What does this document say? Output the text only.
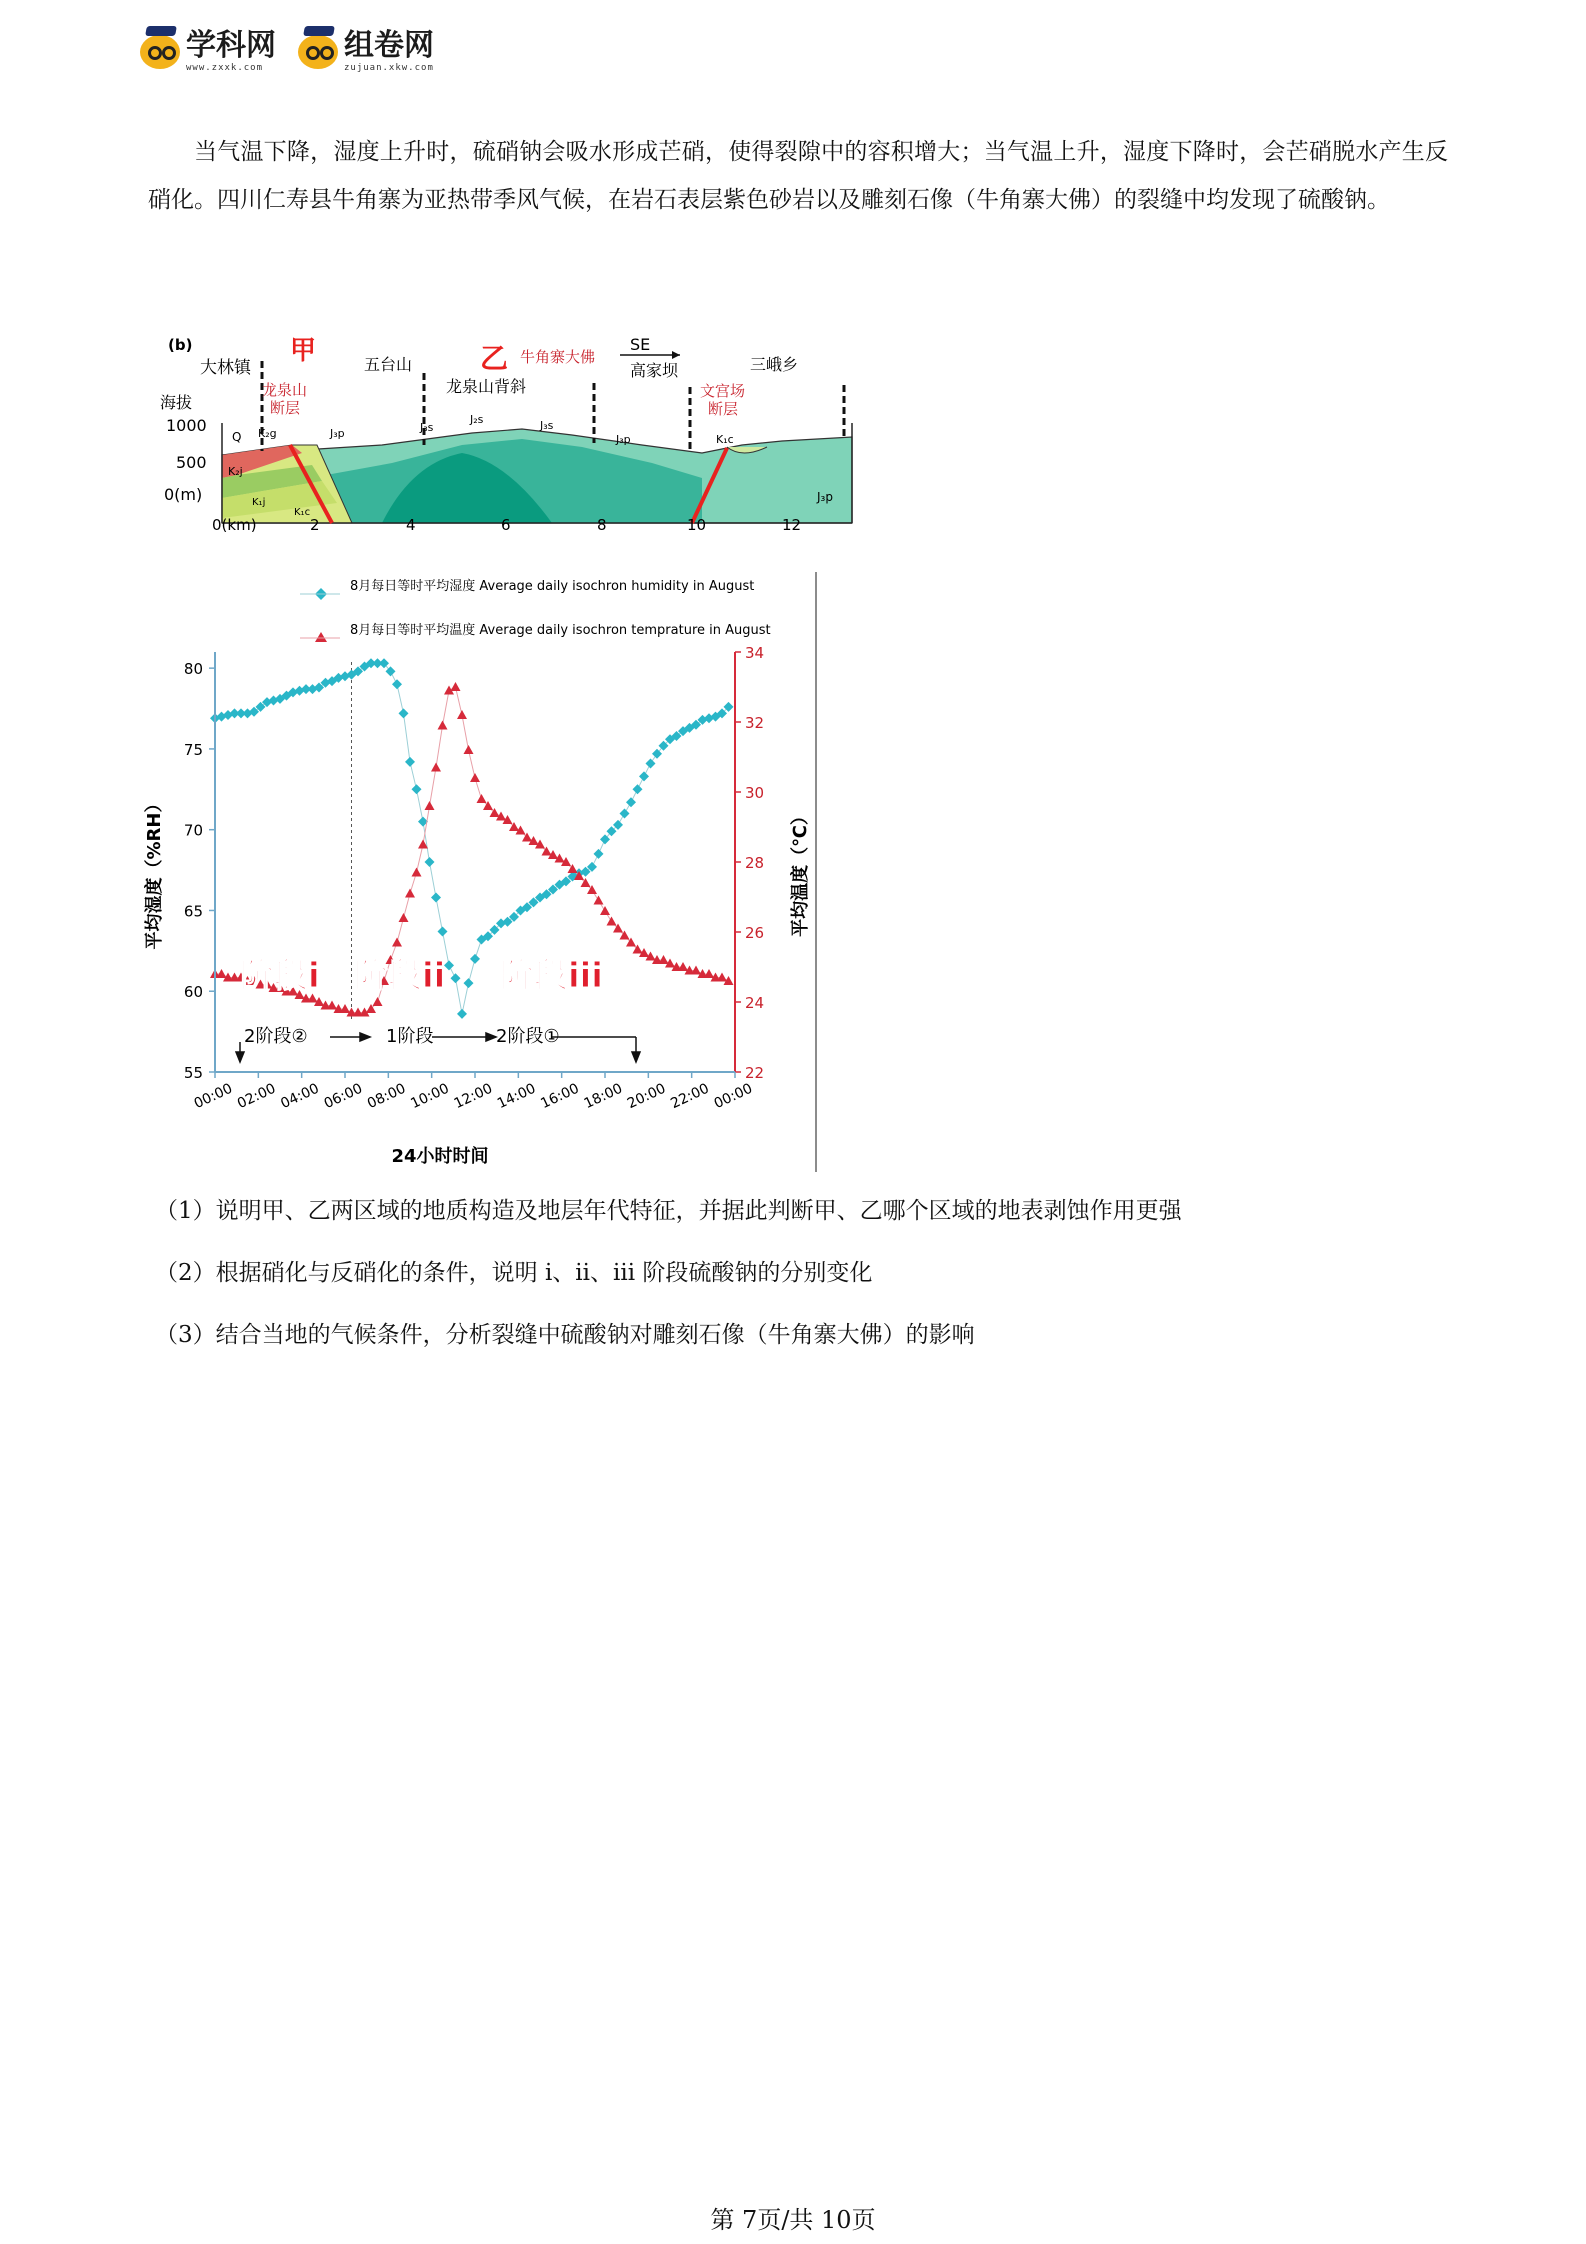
学科网
www.zxxk.com
组卷网
zujuan.xkw.com

当气温下降，湿度上升时，硫硝钠会吸水形成芒硝，使得裂隙中的容积增大；当气温上升，湿度下降时，会芒硝脱水产生反硝化。四川仁寿县牛角寨为亚热带季风气候，在岩石表层紫色砂岩以及雕刻石像（牛角寨大佛）的裂缝中均发现了硫酸钠。

Q K₂g
K₂j
K₁j
K₁c
J₃p	J₃s
J₂s	J₃s
J₃p	K₁c
J₃p
(b)
大林镇
甲
龙泉山
断层
海拔
五台山 乙 牛角寨大佛
龙泉山背斜
SE
高家坝	三峨乡
文宫场
断层
1000
500
0(m)
0(km)	2	4	6	8	10	12
8月每日等时平均湿度 Average daily isochron humidity in August
8月每日等时平均温度 Average daily isochron temprature in August
55
60
65
70
75
80
22
24
26
28
30
32
34
00:00 02:00 04:00 06:00 08:00 10:00 12:00 14:00 16:00 18:00 20:00 22:00 00:00
阶段i 阶段ii 阶段iii
2阶段②	1阶段	2阶段①
24小时时间
平均湿度（%RH）	平均温度（℃）
（1）说明甲、乙两区域的地质构造及地层年代特征，并据此判断甲、乙哪个区域的地表剥蚀作用更强
（2）根据硝化与反硝化的条件，说明 i、ii、iii 阶段硫酸钠的分别变化
（3）结合当地的气候条件，分析裂缝中硫酸钠对雕刻石像（牛角寨大佛）的影响
第 7页/共 10页
